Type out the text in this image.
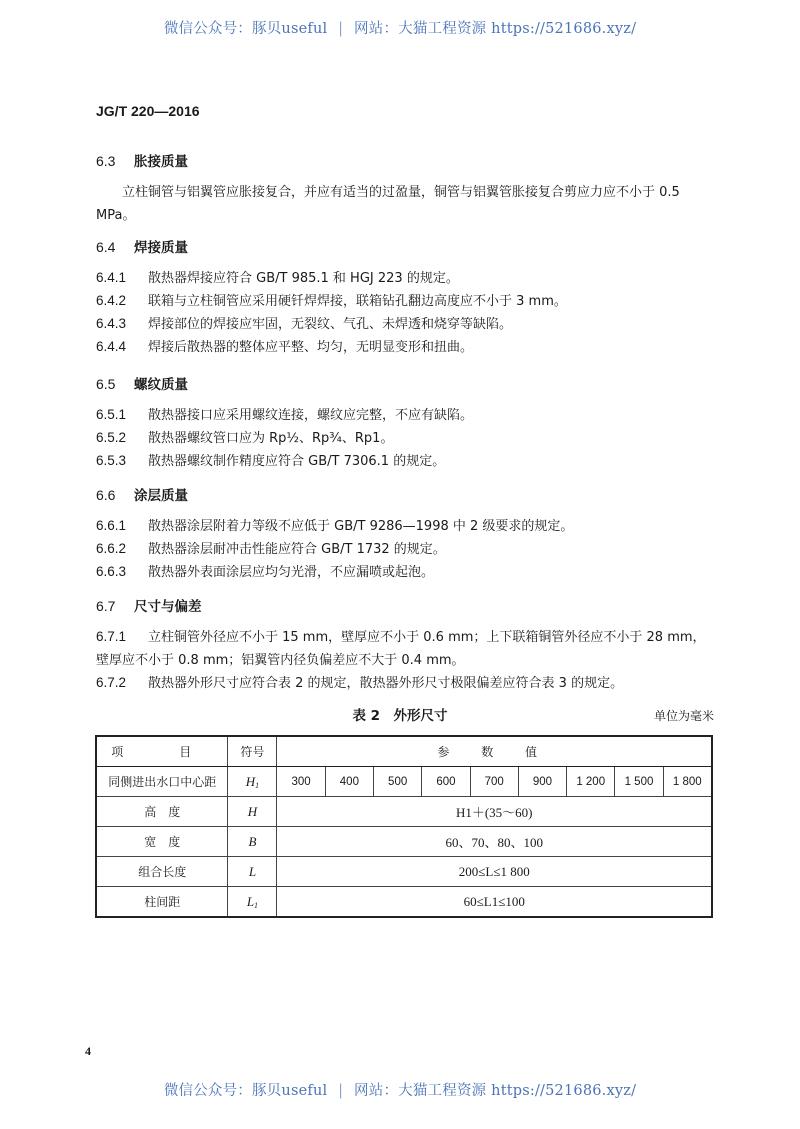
微信公众号：豚贝useful | 网站：大猫工程资源 https://521686.xyz/
JG/T 220—2016
6.3 胀接质量
立柱铜管与铝翼管应胀接复合，并应有适当的过盈量，铜管与铝翼管胀接复合剪应力应不小于 0.5 MPa。
6.4 焊接质量
6.4.1 散热器焊接应符合 GB/T 985.1 和 HGJ 223 的规定。
6.4.2 联箱与立柱铜管应采用硬钎焊焊接，联箱钻孔翻边高度应不小于 3 mm。
6.4.3 焊接部位的焊接应牢固，无裂纹、气孔、未焊透和烧穿等缺陷。
6.4.4 焊接后散热器的整体应平整、均匀，无明显变形和扭曲。
6.5 螺纹质量
6.5.1 散热器接口应采用螺纹连接，螺纹应完整，不应有缺陷。
6.5.2 散热器螺纹管口应为 Rp½、Rp¾、Rp1。
6.5.3 散热器螺纹制作精度应符合 GB/T 7306.1 的规定。
6.6 涂层质量
6.6.1 散热器涂层附着力等级不应低于 GB/T 9286—1998 中 2 级要求的规定。
6.6.2 散热器涂层耐冲击性能应符合 GB/T 1732 的规定。
6.6.3 散热器外表面涂层应均匀光滑，不应漏喷或起泡。
6.7 尺寸与偏差
6.7.1 立柱铜管外径应不小于 15 mm，壁厚应不小于 0.6 mm；上下联箱铜管外径应不小于 28 mm，壁厚应不小于 0.8 mm；铝翼管内径负偏差应不大于 0.4 mm。
6.7.2 散热器外形尺寸应符合表 2 的规定，散热器外形尺寸极限偏差应符合表 3 的规定。
表 2　外形尺寸	单位为毫米
项　目	符号	参 数 值								
同侧进出水口中心距	$H_1$	300	400	500	600	700	900	1 200	1 500	1 800
高　度	H	H1＋(35～60)								
宽　度	B	60、70、80、100								
组合长度	L	200≤L≤1 800								
柱间距	$L_1$	60≤L1≤100								
4
微信公众号：豚贝useful | 网站：大猫工程资源 https://521686.xyz/
